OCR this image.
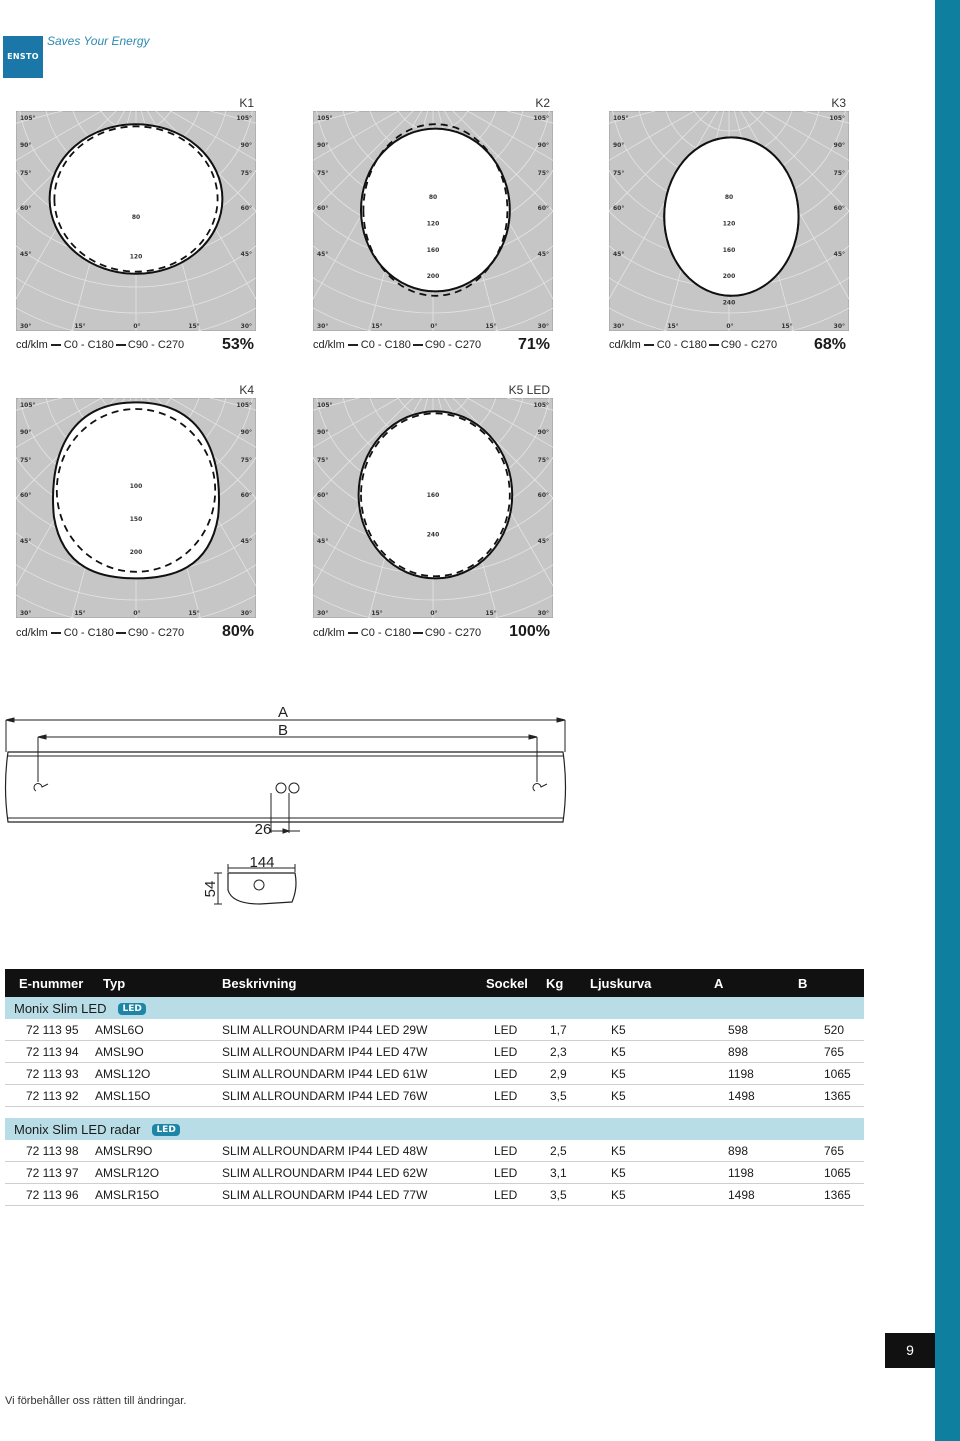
ENSTO
Saves Your Energy
K1
105°	105°
90°	90°
75°	75°
60°	60°
45°	45°
30°	30°
15°	15°
0°
80
120
cd/klm C0 - C180 C90 - C270	53%
K2
105°	105°
90°	90°
75°	75°
60°	60°
45°	45°
30°	30°
15°	15°
0°
80
120
160
200
cd/klm C0 - C180 C90 - C270	71%
K3
105°	105°
90°	90°
75°	75°
60°	60°
45°	45°
30°	30°
15°	15°
0°
80
120
160
200
240
cd/klm C0 - C180 C90 - C270	68%
K4
105°	105°
90°	90°
75°	75°
60°	60°
45°	45°
30°	30°
15°	15°
0°
100
150
200
cd/klm C0 - C180 C90 - C270	80%
K5 LED
105°	105°
90°	90°
75°	75°
60°	60°
45°	45°
30°	30°
15°	15°
0°
160
240
cd/klm C0 - C180 C90 - C270	100%
A
B
26
144
54
E-nummer	Typ	Beskrivning	Sockel	Kg	Ljuskurva	A	B
Monix Slim LED LED							
72 113 95	AMSL6O	SLIM ALLROUNDARM IP44 LED 29W	LED	1,7	K5	598	520
72 113 94	AMSL9O	SLIM ALLROUNDARM IP44 LED 47W	LED	2,3	K5	898	765
72 113 93	AMSL12O	SLIM ALLROUNDARM IP44 LED 61W	LED	2,9	K5	1198	1065
72 113 92	AMSL15O	SLIM ALLROUNDARM IP44 LED 76W	LED	3,5	K5	1498	1365

Monix Slim LED radar LED							
72 113 98	AMSLR9O	SLIM ALLROUNDARM IP44 LED 48W	LED	2,5	K5	898	765
72 113 97	AMSLR12O	SLIM ALLROUNDARM IP44 LED 62W	LED	3,1	K5	1198	1065
72 113 96	AMSLR15O	SLIM ALLROUNDARM IP44 LED 77W	LED	3,5	K5	1498	1365
9
Vi förbehåller oss rätten till ändringar.
